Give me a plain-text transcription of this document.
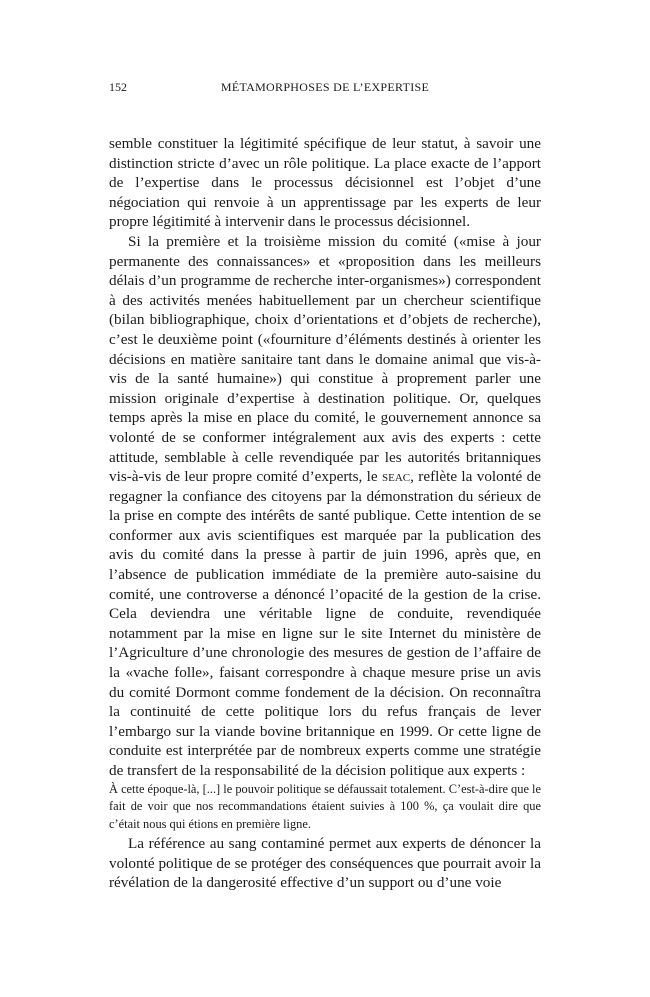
152	MÉTAMORPHOSES DE L’EXPERTISE

semble constituer la légitimité spécifique de leur statut, à savoir une distinction stricte d’avec un rôle politique. La place exacte de l’apport de l’expertise dans le processus décisionnel est l’objet d’une négociation qui renvoie à un apprentissage par les experts de leur propre légitimité à intervenir dans le processus décisionnel.

Si la première et la troisième mission du comité («mise à jour permanente des connaissances» et «proposition dans les meilleurs délais d’un programme de recherche inter-organismes») correspondent à des activités menées habituellement par un chercheur scientifique (bilan bibliographique, choix d’orientations et d’objets de recherche), c’est le deuxième point («fourniture d’éléments destinés à orienter les décisions en matière sanitaire tant dans le domaine animal que vis-à-vis de la santé humaine») qui constitue à proprement parler une mission originale d’expertise à destination politique. Or, quelques temps après la mise en place du comité, le gouvernement annonce sa volonté de se conformer intégralement aux avis des experts : cette attitude, semblable à celle revendiquée par les autorités britanniques vis-à-vis de leur propre comité d’experts, le seac, reflète la volonté de regagner la confiance des citoyens par la démonstration du sérieux de la prise en compte des intérêts de santé publique. Cette intention de se conformer aux avis scientifiques est marquée par la publication des avis du comité dans la presse à partir de juin 1996, après que, en l’absence de publication immédiate de la première auto-saisine du comité, une controverse a dénoncé l’opacité de la gestion de la crise. Cela deviendra une véritable ligne de conduite, revendiquée notamment par la mise en ligne sur le site Internet du ministère de l’Agriculture d’une chronologie des mesures de gestion de l’affaire de la «vache folle», faisant correspondre à chaque mesure prise un avis du comité Dormont comme fondement de la décision. On reconnaîtra la continuité de cette politique lors du refus français de lever l’embargo sur la viande bovine britannique en 1999. Or cette ligne de conduite est interprétée par de nombreux experts comme une stratégie de transfert de la responsabilité de la décision politique aux experts :

À cette époque-là, [...] le pouvoir politique se défaussait totalement. C’est-à-dire que le fait de voir que nos recommandations étaient suivies à 100 %, ça voulait dire que c’était nous qui étions en première ligne.

La référence au sang contaminé permet aux experts de dénoncer la volonté politique de se protéger des conséquences que pourrait avoir la révélation de la dangerosité effective d’un support ou d’une voie
